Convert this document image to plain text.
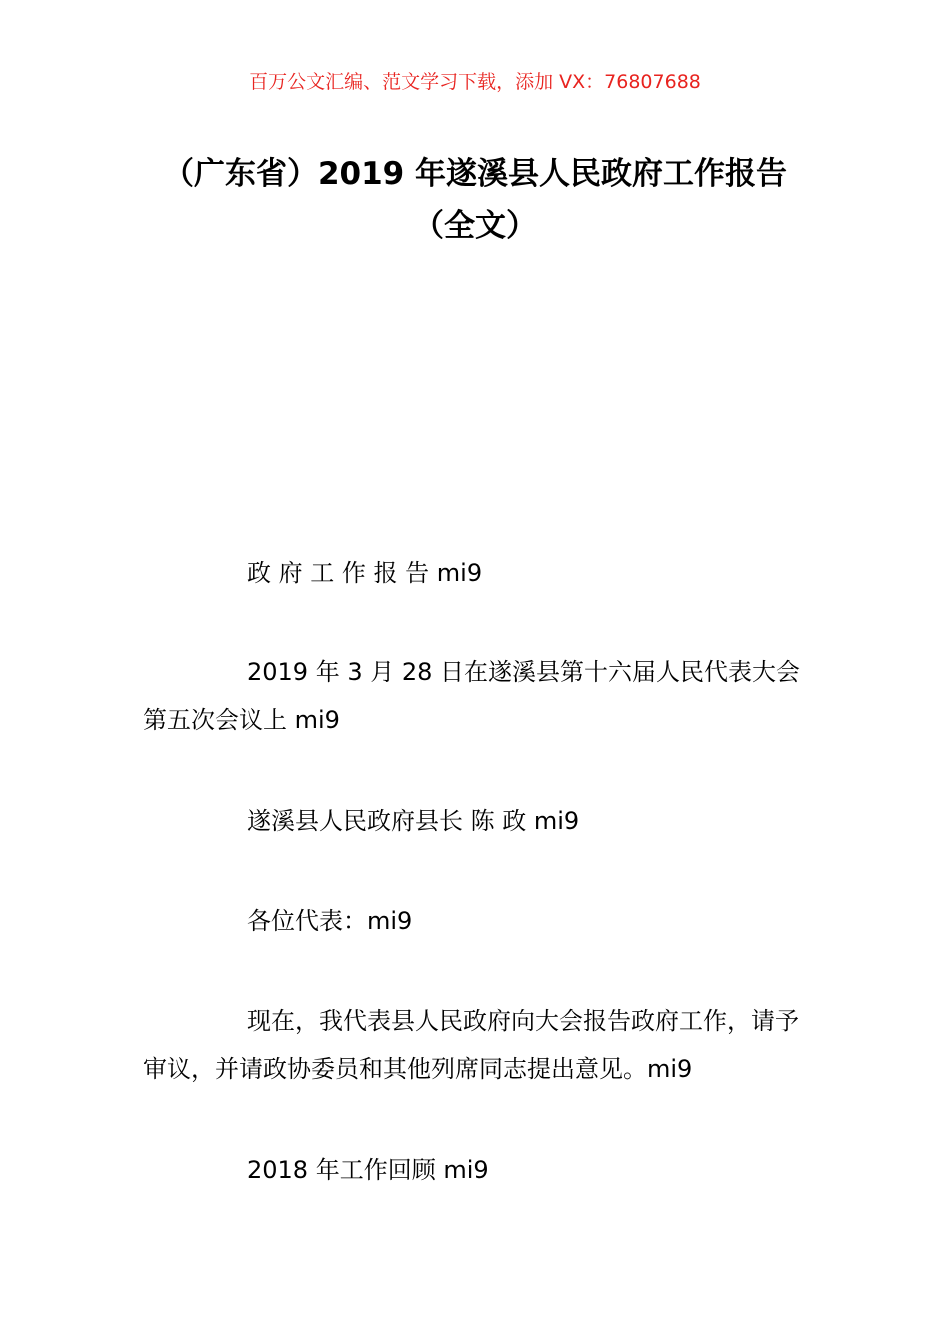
百万公文汇编、范文学习下载，添加 VX：76807688
（广东省）2019 年遂溪县人民政府工作报告（全文）
政 府 工 作 报 告 mi9
2019 年 3 月 28 日在遂溪县第十六届人民代表大会第五次会议上 mi9
遂溪县人民政府县长 陈 政 mi9
各位代表：mi9
现在，我代表县人民政府向大会报告政府工作，请予审议，并请政协委员和其他列席同志提出意见。mi9
2018 年工作回顾 mi9
